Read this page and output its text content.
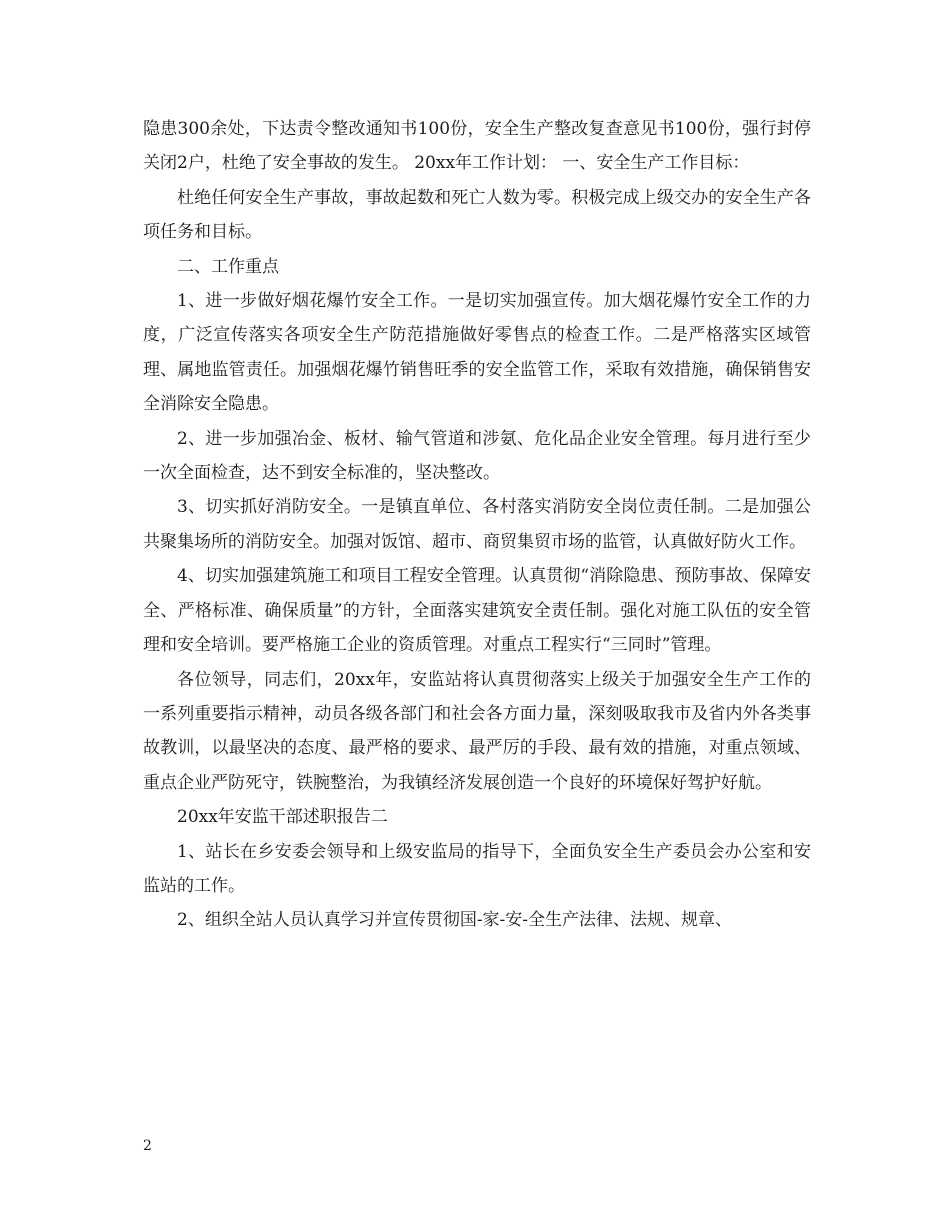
隐患300余处，下达责令整改通知书100份，安全生产整改复查意见书100份，强行封停关闭2户，杜绝了安全事故的发生。 20xx年工作计划： 一、安全生产工作目标：

杜绝任何安全生产事故，事故起数和死亡人数为零。积极完成上级交办的安全生产各项任务和目标。

二、工作重点

1、进一步做好烟花爆竹安全工作。一是切实加强宣传。加大烟花爆竹安全工作的力度，广泛宣传落实各项安全生产防范措施做好零售点的检查工作。二是严格落实区域管理、属地监管责任。加强烟花爆竹销售旺季的安全监管工作，采取有效措施，确保销售安全消除安全隐患。

2、进一步加强冶金、板材、输气管道和涉氨、危化品企业安全管理。每月进行至少一次全面检查，达不到安全标准的，坚决整改。

3、切实抓好消防安全。一是镇直单位、各村落实消防安全岗位责任制。二是加强公共聚集场所的消防安全。加强对饭馆、超市、商贸集贸市场的监管，认真做好防火工作。

4、切实加强建筑施工和项目工程安全管理。认真贯彻“消除隐患、预防事故、保障安全、严格标准、确保质量”的方针，全面落实建筑安全责任制。强化对施工队伍的安全管理和安全培训。要严格施工企业的资质管理。对重点工程实行“三同时”管理。

各位领导，同志们，20xx年，安监站将认真贯彻落实上级关于加强安全生产工作的一系列重要指示精神，动员各级各部门和社会各方面力量，深刻吸取我市及省内外各类事故教训，以最坚决的态度、最严格的要求、最严厉的手段、最有效的措施，对重点领域、重点企业严防死守，铁腕整治，为我镇经济发展创造一个良好的环境保好驾护好航。

20xx年安监干部述职报告二

1、站长在乡安委会领导和上级安监局的指导下，全面负安全生产委员会办公室和安监站的工作。

2、组织全站人员认真学习并宣传贯彻国-家-安-全生产法律、法规、规章、

2
